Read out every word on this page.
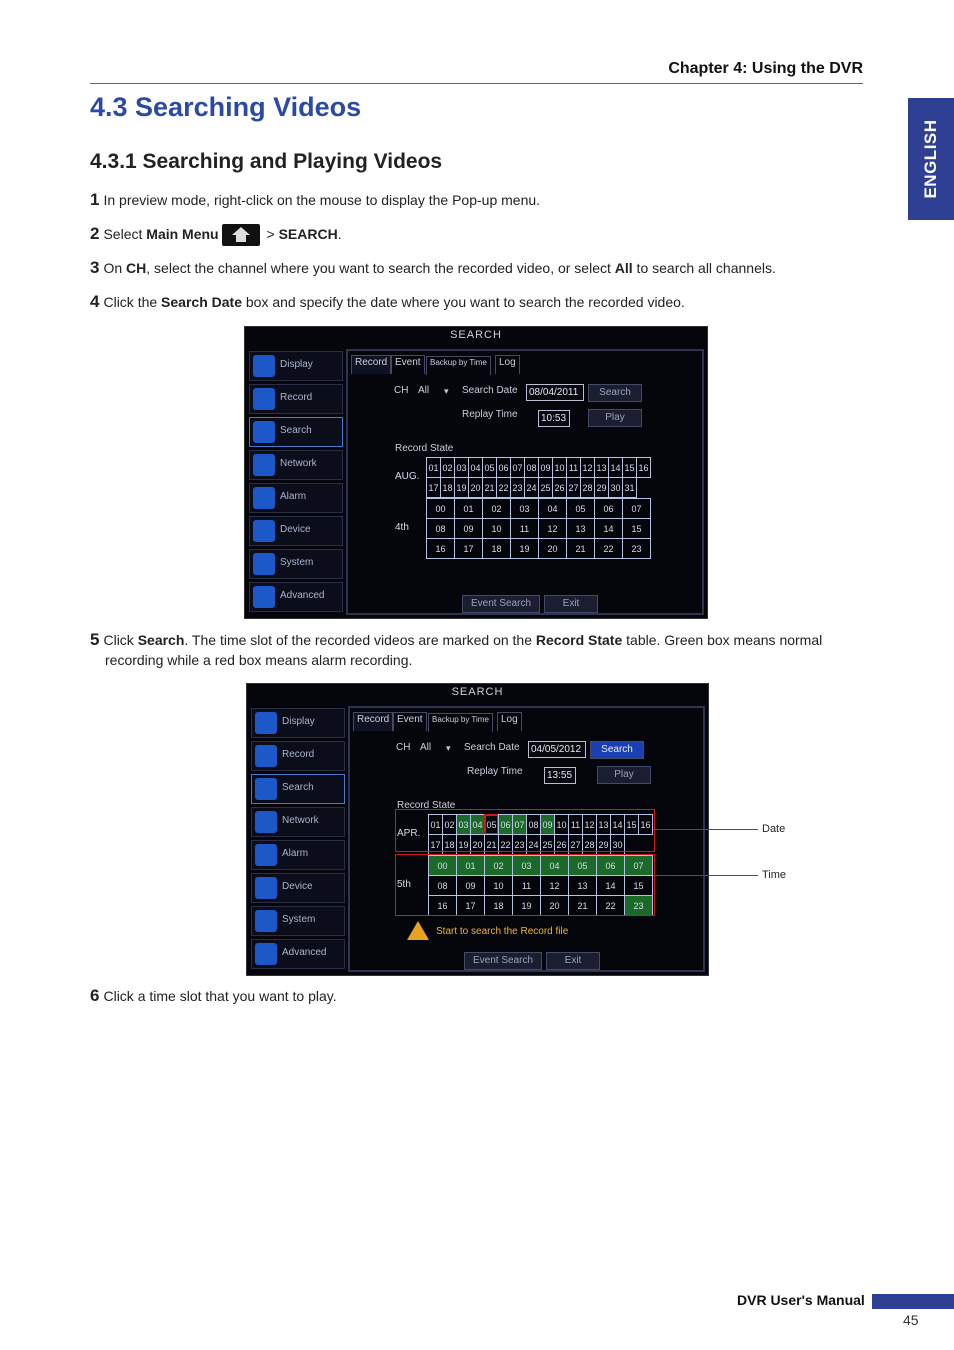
Chapter 4: Using the DVR
ENGLISH
4.3 Searching Videos
4.3.1 Searching and Playing Videos
1 In preview mode, right-click on the mouse to display the Pop-up menu.
2 Select Main Menu	> SEARCH.
3 On CH, select the channel where you want to search the recorded video, or select All to search all channels.
4 Click the Search Date box and specify the date where you want to search the recorded video.
SEARCH
Display
Record
Search
Network
Alarm
Device
System
Advanced
Record Event	Backup by Time	Log
CH All ▾ Search Date	08/04/2011	Search
Replay Time	10:53	Play
Record State
AUG.
01 02 03 04 05 06 07 08 09 10 11 12 13 14 15 16
17 18 19 20 21 22 23 24 25 26 27 28 29 30 31
4th
00	01	02	03	04	05	06	07
08	09	10	11	12	13	14	15
16	17	18	19	20	21	22	23
Event Search	Exit
5 Click Search. The time slot of the recorded videos are marked on the Record State table. Green box means normal
recording while a red box means alarm recording.
SEARCH
Display
Record
Search
Network
Alarm
Device
System
Advanced
Record Event	Backup by Time	Log
CH All ▾ Search Date	04/05/2012	Search
Replay Time	13:55	Play
Record State
APR.
01 02 03 04 05 06 07 08 09 10 11 12 13 14 15 16
17 18 19 20 21 22 23 24 25 26 27 28 29 30
5th
00	01	02	03	04	05	06	07
08	09	10	11	12	13	14	15
16	17	18	19	20	21	22	23
Start to search the Record file
Event Search	Exit
Date
Time
6 Click a time slot that you want to play.
DVR User's Manual
45
